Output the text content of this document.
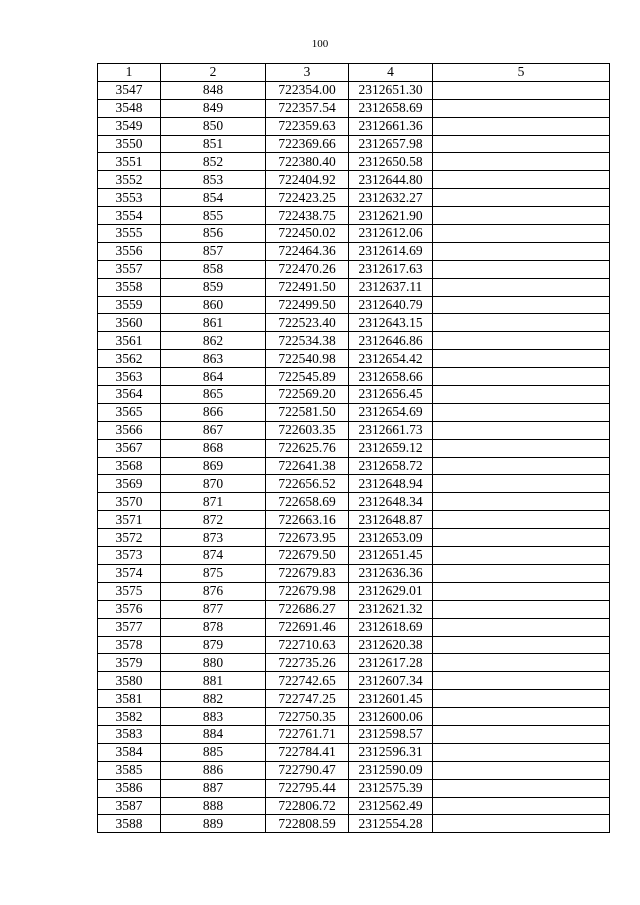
100
1	2	3	4	5
3547	848	722354.00	2312651.30	
3548	849	722357.54	2312658.69	
3549	850	722359.63	2312661.36	
3550	851	722369.66	2312657.98	
3551	852	722380.40	2312650.58	
3552	853	722404.92	2312644.80	
3553	854	722423.25	2312632.27	
3554	855	722438.75	2312621.90	
3555	856	722450.02	2312612.06	
3556	857	722464.36	2312614.69	
3557	858	722470.26	2312617.63	
3558	859	722491.50	2312637.11	
3559	860	722499.50	2312640.79	
3560	861	722523.40	2312643.15	
3561	862	722534.38	2312646.86	
3562	863	722540.98	2312654.42	
3563	864	722545.89	2312658.66	
3564	865	722569.20	2312656.45	
3565	866	722581.50	2312654.69	
3566	867	722603.35	2312661.73	
3567	868	722625.76	2312659.12	
3568	869	722641.38	2312658.72	
3569	870	722656.52	2312648.94	
3570	871	722658.69	2312648.34	
3571	872	722663.16	2312648.87	
3572	873	722673.95	2312653.09	
3573	874	722679.50	2312651.45	
3574	875	722679.83	2312636.36	
3575	876	722679.98	2312629.01	
3576	877	722686.27	2312621.32	
3577	878	722691.46	2312618.69	
3578	879	722710.63	2312620.38	
3579	880	722735.26	2312617.28	
3580	881	722742.65	2312607.34	
3581	882	722747.25	2312601.45	
3582	883	722750.35	2312600.06	
3583	884	722761.71	2312598.57	
3584	885	722784.41	2312596.31	
3585	886	722790.47	2312590.09	
3586	887	722795.44	2312575.39	
3587	888	722806.72	2312562.49	
3588	889	722808.59	2312554.28	
